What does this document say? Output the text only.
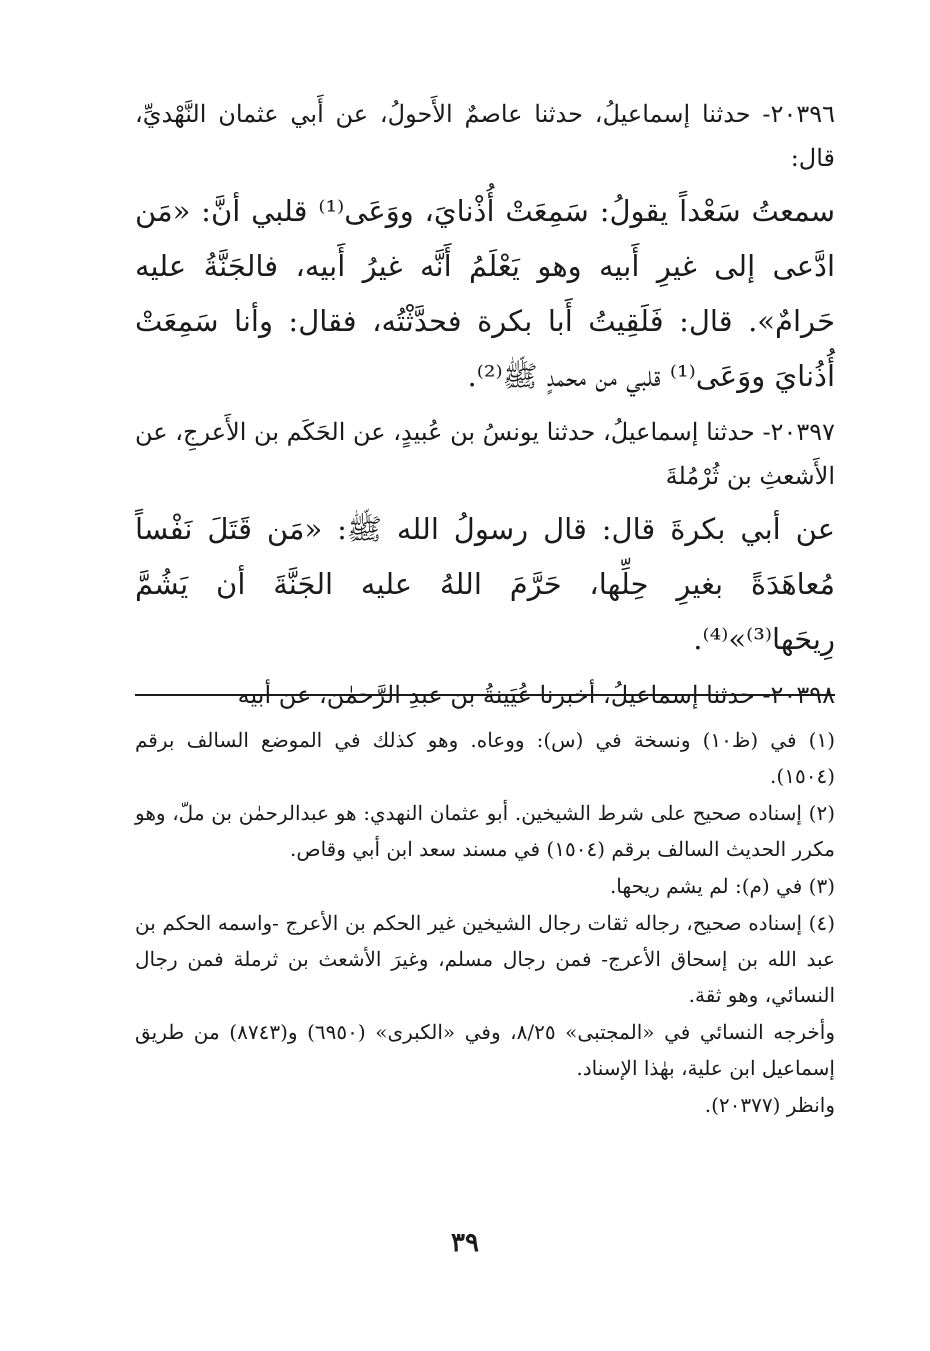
٢٠٣٩٦- حدثنا إسماعيلُ، حدثنا عاصمٌ الأَحولُ، عن أَبي عثمان النَّهْديِّ، قال:

سمعتُ سَعْداً يقولُ: سَمِعَتْ أُذْنايَ، ووَعَى⁽¹⁾ قلبي أنَّ: «مَن ادَّعى إلى غيرِ أَبيه وهو يَعْلَمُ أَنَّه غيرُ أَبيه، فالجَنَّةُ عليه حَرامٌ». قال: فَلَقِيتُ أَبا بكرة فحدَّثْتُه، فقال: وأنا سَمِعَتْ أُذُنايَ ووَعَى⁽¹⁾ قلبي من محمدٍ ﷺ⁽²⁾.

٢٠٣٩٧- حدثنا إسماعيلُ، حدثنا يونسُ بن عُبيدٍ، عن الحَكَم بن الأَعرجِ، عن الأَشعثِ بن ثُرْمُلةَ

عن أبي بكرةَ قال: قال رسولُ الله ﷺ: «مَن قَتَلَ نَفْساً مُعاهَدَةً بغيرِ حِلِّها، حَرَّمَ اللهُ عليه الجَنَّةَ أن يَشُمَّ رِيحَها⁽³⁾»⁽⁴⁾.

٢٠٣٩٨- حدثنا إسماعيلُ، أخبرنا عُيَينةُ بن عبدِ الرَّحمٰن، عن أبيه

(١) في (ظ١٠) ونسخة في (س): ووعاه. وهو كذلك في الموضع السالف برقم (١٥٠٤).

(٢) إسناده صحيح على شرط الشيخين. أبو عثمان النهدي: هو عبدالرحمٰن بن ملّ، وهو مكرر الحديث السالف برقم (١٥٠٤) في مسند سعد ابن أبي وقاص.

(٣) في (م): لم يشم ريحها.

(٤) إسناده صحيح، رجاله ثقات رجال الشيخين غير الحكم بن الأعرج -واسمه الحكم بن عبد الله بن إسحاق الأعرج- فمن رجال مسلم، وغيرَ الأشعث بن ثرملة فمن رجال النسائي، وهو ثقة.

وأخرجه النسائي في «المجتبى» ٨/٢٥، وفي «الكبرى» (٦٩٥٠) و(٨٧٤٣) من طريق إسماعيل ابن علية، بهٰذا الإسناد.

وانظر (٢٠٣٧٧).

٣٩
